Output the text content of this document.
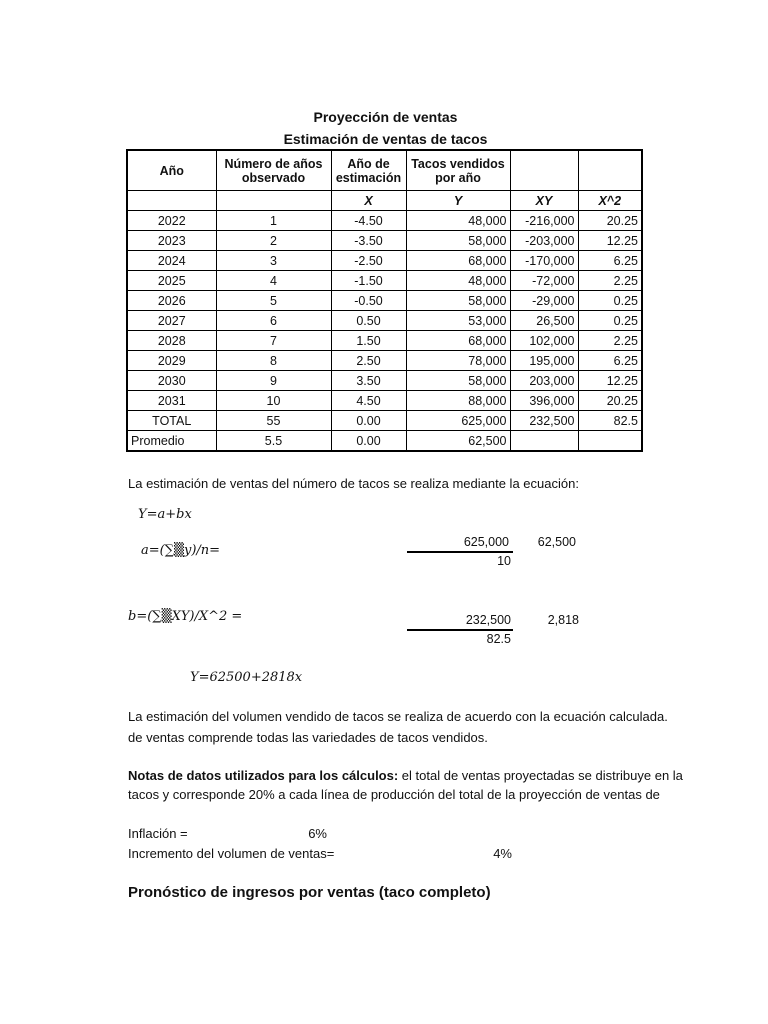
Proyección de ventas
Estimación de ventas de tacos
Año	Número de años observado	Año de estimación	Tacos vendidos por año		
		X	Y	XY	X^2
2022	1	-4.50	48,000	-216,000	20.25
2023	2	-3.50	58,000	-203,000	12.25
2024	3	-2.50	68,000	-170,000	6.25
2025	4	-1.50	48,000	-72,000	2.25
2026	5	-0.50	58,000	-29,000	0.25
2027	6	0.50	53,000	26,500	0.25
2028	7	1.50	68,000	102,000	2.25
2029	8	2.50	78,000	195,000	6.25
2030	9	3.50	58,000	203,000	12.25
2031	10	4.50	88,000	396,000	20.25
TOTAL	55	0.00	625,000	232,500	82.5
Promedio	5.5	0.00	62,500		
La estimación de ventas del número de tacos se realiza mediante la ecuación:
Y=a+bx
a=(∑▒y)/n=
625,000
10
62,500
b=(∑▒XY)/X^2 =	232,500
82.5
2,818
Y=62500+2818x
La estimación del volumen vendido de tacos se realiza de acuerdo con la ecuación calculada.
de ventas comprende todas las variedades de tacos vendidos.
Notas de datos utilizados para los cálculos: el total de ventas proyectadas se distribuye en la
tacos y corresponde 20% a cada línea de producción del total de la proyección de ventas de
Inflación =	6%
Incremento del volumen de ventas=	4%
Pronóstico de ingresos por ventas (taco completo)
